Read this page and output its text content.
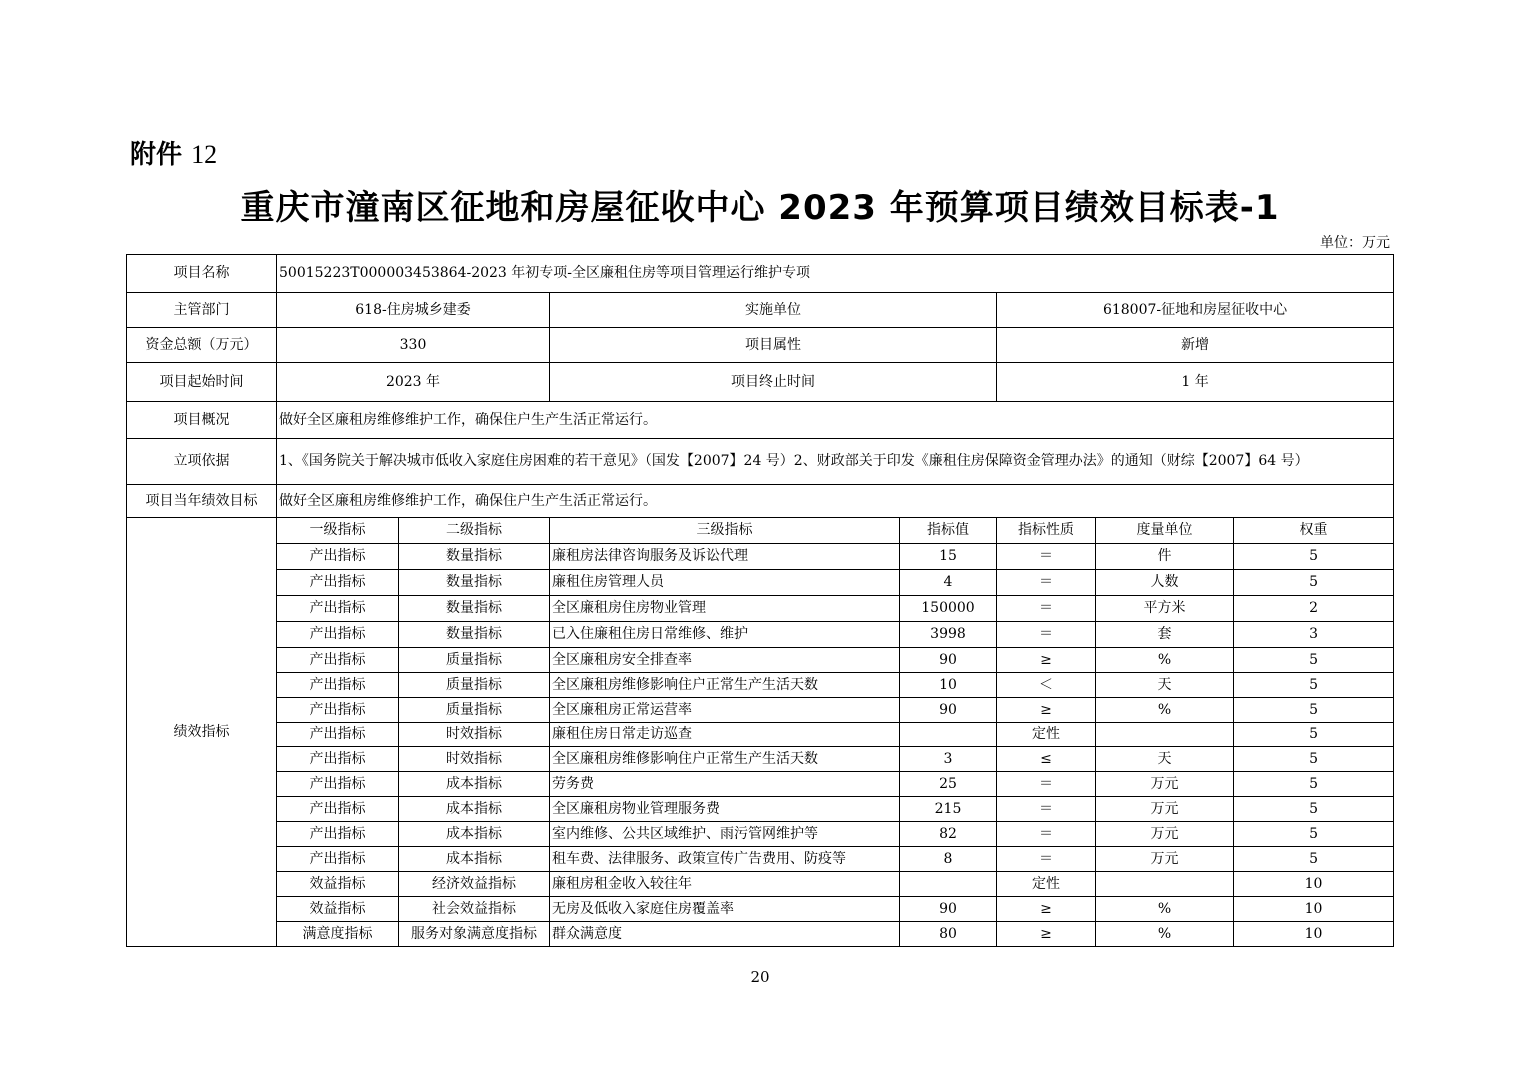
附件 12
重庆市潼南区征地和房屋征收中心 2023 年预算项目绩效目标表-1
单位：万元
项目名称	50015223T000003453864-2023 年初专项-全区廉租住房等项目管理运行维护专项						
主管部门	618-住房城乡建委		实施单位		618007-征地和房屋征收中心		
资金总额（万元）	330		项目属性		新增		
项目起始时间	2023 年		项目终止时间		1 年		
项目概况	做好全区廉租房维修维护工作，确保住户生产生活正常运行。						
立项依据	1、《国务院关于解决城市低收入家庭住房困难的若干意见》（国发【2007】24 号）2、财政部关于印发《廉租住房保障资金管理办法》的通知（财综【2007】64 号）						
项目当年绩效目标	做好全区廉租房维修维护工作，确保住户生产生活正常运行。						
绩效指标	一级指标	二级指标	三级指标	指标值	指标性质	度量单位	权重
	产出指标	数量指标	廉租房法律咨询服务及诉讼代理	15	＝	件	5
	产出指标	数量指标	廉租住房管理人员	4	＝	人数	5
	产出指标	数量指标	全区廉租房住房物业管理	150000	＝	平方米	2
	产出指标	数量指标	已入住廉租住房日常维修、维护	3998	＝	套	3
	产出指标	质量指标	全区廉租房安全排查率	90	≥	%	5
	产出指标	质量指标	全区廉租房维修影响住户正常生产生活天数	10	＜	天	5
	产出指标	质量指标	全区廉租房正常运营率	90	≥	%	5
	产出指标	时效指标	廉租住房日常走访巡查		定性		5
	产出指标	时效指标	全区廉租房维修影响住户正常生产生活天数	3	≤	天	5
	产出指标	成本指标	劳务费	25	＝	万元	5
	产出指标	成本指标	全区廉租房物业管理服务费	215	＝	万元	5
	产出指标	成本指标	室内维修、公共区域维护、雨污管网维护等	82	＝	万元	5
	产出指标	成本指标	租车费、法律服务、政策宣传广告费用、防疫等	8	＝	万元	5
	效益指标	经济效益指标	廉租房租金收入较往年		定性		10
	效益指标	社会效益指标	无房及低收入家庭住房覆盖率	90	≥	%	10
	满意度指标	服务对象满意度指标	群众满意度	80	≥	%	10
20
